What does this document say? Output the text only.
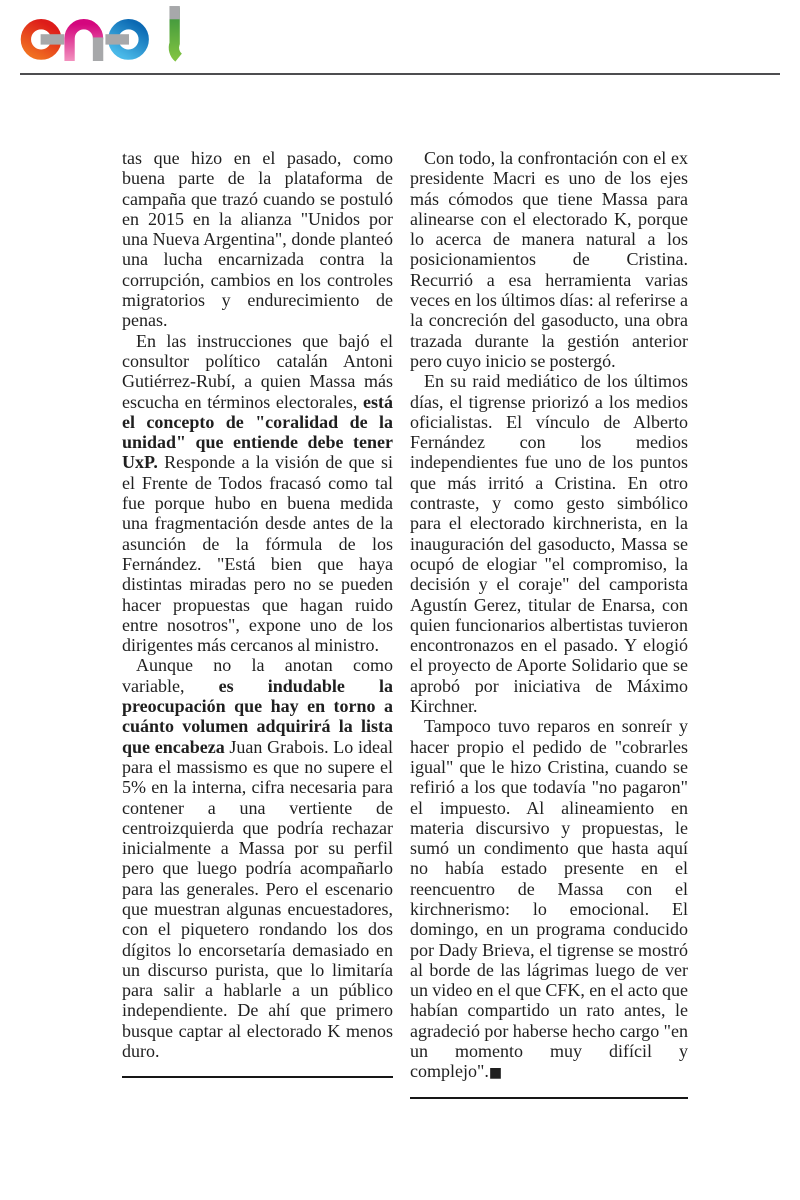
tas que hizo en el pasado, como buena parte de la plataforma de campaña que trazó cuando se postuló en 2015 en la alianza "Unidos por una Nueva Argentina", donde planteó una lucha encarnizada contra la corrupción, cambios en los controles migratorios y endurecimiento de penas.

En las instrucciones que bajó el consultor político catalán Antoni Gutiérrez-Rubí, a quien Massa más escucha en términos electorales, está el concepto de "coralidad de la unidad" que entiende debe tener UxP. Responde a la visión de que si el Frente de Todos fracasó como tal fue porque hubo en buena medida una fragmentación desde antes de la asunción de la fórmula de los Fernández. "Está bien que haya distintas miradas pero no se pueden hacer propuestas que hagan ruido entre nosotros", expone uno de los dirigentes más cercanos al ministro.

Aunque no la anotan como variable, es indudable la preocupación que hay en torno a cuánto volumen adquirirá la lista que encabeza Juan Grabois. Lo ideal para el massismo es que no supere el 5% en la interna, cifra necesaria para contener a una vertiente de centroizquierda que podría rechazar inicialmente a Massa por su perfil pero que luego podría acompañarlo para las generales. Pero el escenario que muestran algunas encuestadores, con el piquetero rondando los dos dígitos lo encorsetaría demasiado en un discurso purista, que lo limitaría para salir a hablarle a un público independiente. De ahí que primero busque captar al electorado K menos duro.

Con todo, la confrontación con el ex presidente Macri es uno de los ejes más cómodos que tiene Massa para alinearse con el electorado K, porque lo acerca de manera natural a los posicionamientos de Cristina. Recurrió a esa herramienta varias veces en los últimos días: al referirse a la concreción del gasoducto, una obra trazada durante la gestión anterior pero cuyo inicio se postergó.

En su raid mediático de los últimos días, el tigrense priorizó a los medios oficialistas. El vínculo de Alberto Fernández con los medios independientes fue uno de los puntos que más irritó a Cristina. En otro contraste, y como gesto simbólico para el electorado kirchnerista, en la inauguración del gasoducto, Massa se ocupó de elogiar "el compromiso, la decisión y el coraje" del camporista Agustín Gerez, titular de Enarsa, con quien funcionarios albertistas tuvieron encontronazos en el pasado. Y elogió el proyecto de Aporte Solidario que se aprobó por iniciativa de Máximo Kirchner.

Tampoco tuvo reparos en sonreír y hacer propio el pedido de "cobrarles igual" que le hizo Cristina, cuando se refirió a los que todavía "no pagaron" el impuesto. Al alineamiento en materia discursivo y propuestas, le sumó un condimento que hasta aquí no había estado presente en el reencuentro de Massa con el kirchnerismo: lo emocional. El domingo, en un programa conducido por Dady Brieva, el tigrense se mostró al borde de las lágrimas luego de ver un video en el que CFK, en el acto que habían compartido un rato antes, le agradeció por haberse hecho cargo "en un momento muy difícil y complejo".■
